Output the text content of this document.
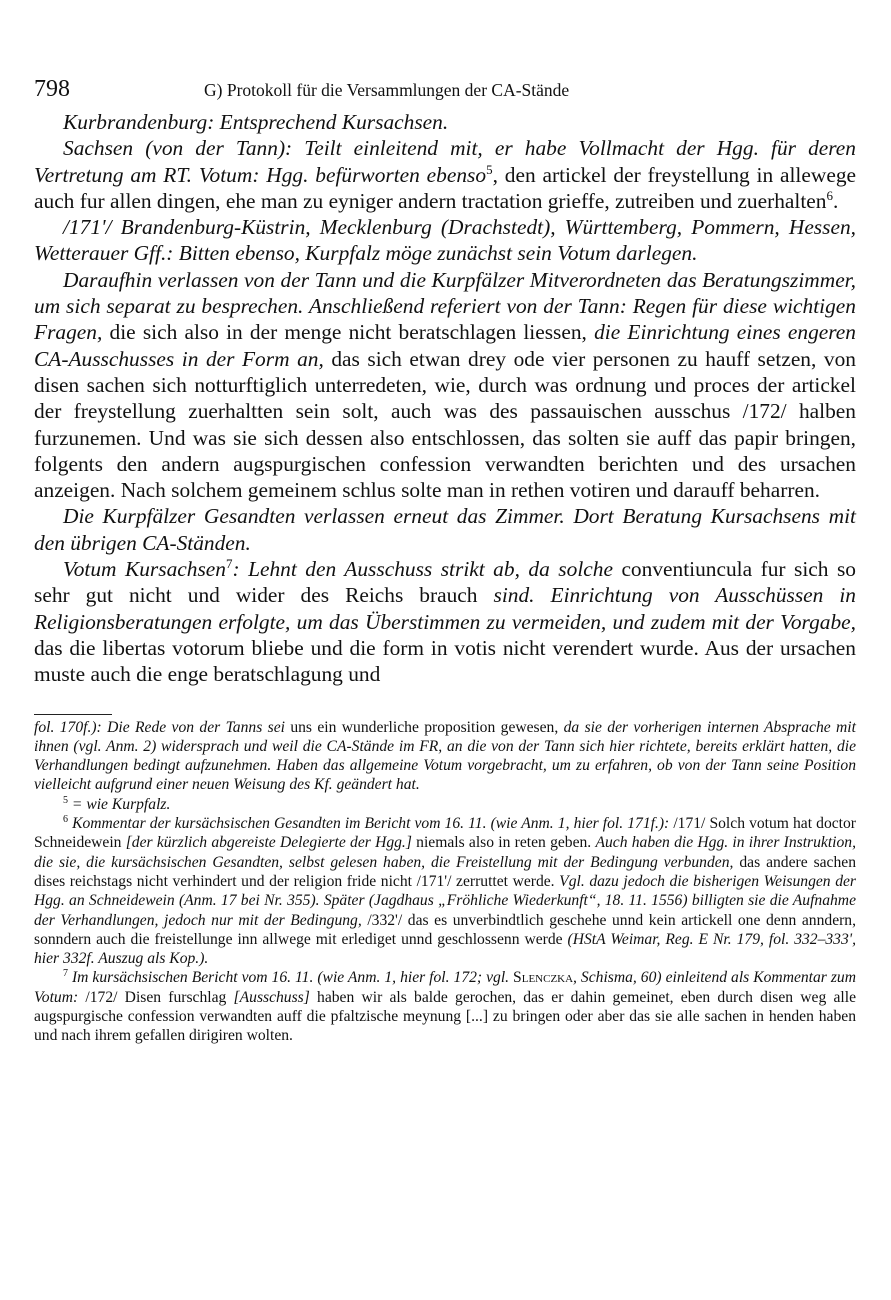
798	G) Protokoll für die Versammlungen der CA-Stände

Kurbrandenburg: Entsprechend Kursachsen.

Sachsen (von der Tann): Teilt einleitend mit, er habe Vollmacht der Hgg. für deren Vertretung am RT. Votum: Hgg. befürworten ebenso$^5$, den artickel der freystellung in allewege auch fur allen dingen, ehe man zu eyniger andern tractation grieffe, zutreiben und zuerhalten$^6$.

/171'/ Brandenburg-Küstrin, Mecklenburg (Drachstedt), Württemberg, Pommern, Hessen, Wetterauer Gff.: Bitten ebenso, Kurpfalz möge zunächst sein Votum darlegen.

Daraufhin verlassen von der Tann und die Kurpfälzer Mitverordneten das Beratungszimmer, um sich separat zu besprechen. Anschließend referiert von der Tann: Regen für diese wichtigen Fragen, die sich also in der menge nicht beratschlagen liessen, die Einrichtung eines engeren CA-Ausschusses in der Form an, das sich etwan drey ode vier personen zu hauff setzen, von disen sachen sich notturftiglich unterredeten, wie, durch was ordnung und proces der artickel der freystellung zuerhaltten sein solt, auch was des passauischen ausschus /172/ halben furzunemen. Und was sie sich dessen also entschlossen, das solten sie auff das papir bringen, folgents den andern augspurgischen confession verwandten berichten und des ursachen anzeigen. Nach solchem gemeinem schlus solte man in rethen votiren und darauff beharren.

Die Kurpfälzer Gesandten verlassen erneut das Zimmer. Dort Beratung Kursachsens mit den übrigen CA-Ständen.

Votum Kursachsen$^7$: Lehnt den Ausschuss strikt ab, da solche conventiuncula fur sich so sehr gut nicht und wider des Reichs brauch sind. Einrichtung von Ausschüssen in Religionsberatungen erfolgte, um das Überstimmen zu vermeiden, und zudem mit der Vorgabe, das die libertas votorum bliebe und die form in votis nicht verendert wurde. Aus der ursachen muste auch die enge beratschlagung und

fol. 170f.): Die Rede von der Tanns sei uns ein wunderliche proposition gewesen, da sie der vorherigen internen Absprache mit ihnen (vgl. Anm. 2) widersprach und weil die CA-Stände im FR, an die von der Tann sich hier richtete, bereits erklärt hatten, die Verhandlungen bedingt aufzunehmen. Haben das allgemeine Votum vorgebracht, um zu erfahren, ob von der Tann seine Position vielleicht aufgrund einer neuen Weisung des Kf. geändert hat.

$^5$ = wie Kurpfalz.

$^6$ Kommentar der kursächsischen Gesandten im Bericht vom 16. 11. (wie Anm. 1, hier fol. 171f.): /171/ Solch votum hat doctor Schneidewein [der kürzlich abgereiste Delegierte der Hgg.] niemals also in reten geben. Auch haben die Hgg. in ihrer Instruktion, die sie, die kursächsischen Gesandten, selbst gelesen haben, die Freistellung mit der Bedingung verbunden, das andere sachen dises reichstags nicht verhindert und der religion fride nicht /171'/ zerruttet werde. Vgl. dazu jedoch die bisherigen Weisungen der Hgg. an Schneidewein (Anm. 17 bei Nr. 355). Später (Jagdhaus „Fröhliche Wiederkunft“, 18. 11. 1556) billigten sie die Aufnahme der Verhandlungen, jedoch nur mit der Bedingung, /332'/ das es unverbindtlich geschehe unnd kein artickell one denn anndern, sonndern auch die freistellunge inn allwege mit erlediget unnd geschlossenn werde (HStA Weimar, Reg. E Nr. 179, fol. 332–333', hier 332f. Auszug als Kop.).

$^7$ Im kursächsischen Bericht vom 16. 11. (wie Anm. 1, hier fol. 172; vgl. Slenczka, Schisma, 60) einleitend als Kommentar zum Votum: /172/ Disen furschlag [Ausschuss] haben wir als balde gerochen, das er dahin gemeinet, eben durch disen weg alle augspurgische confession verwandten auff die pfaltzische meynung [...] zu bringen oder aber das sie alle sachen in henden haben und nach ihrem gefallen dirigiren wolten.
